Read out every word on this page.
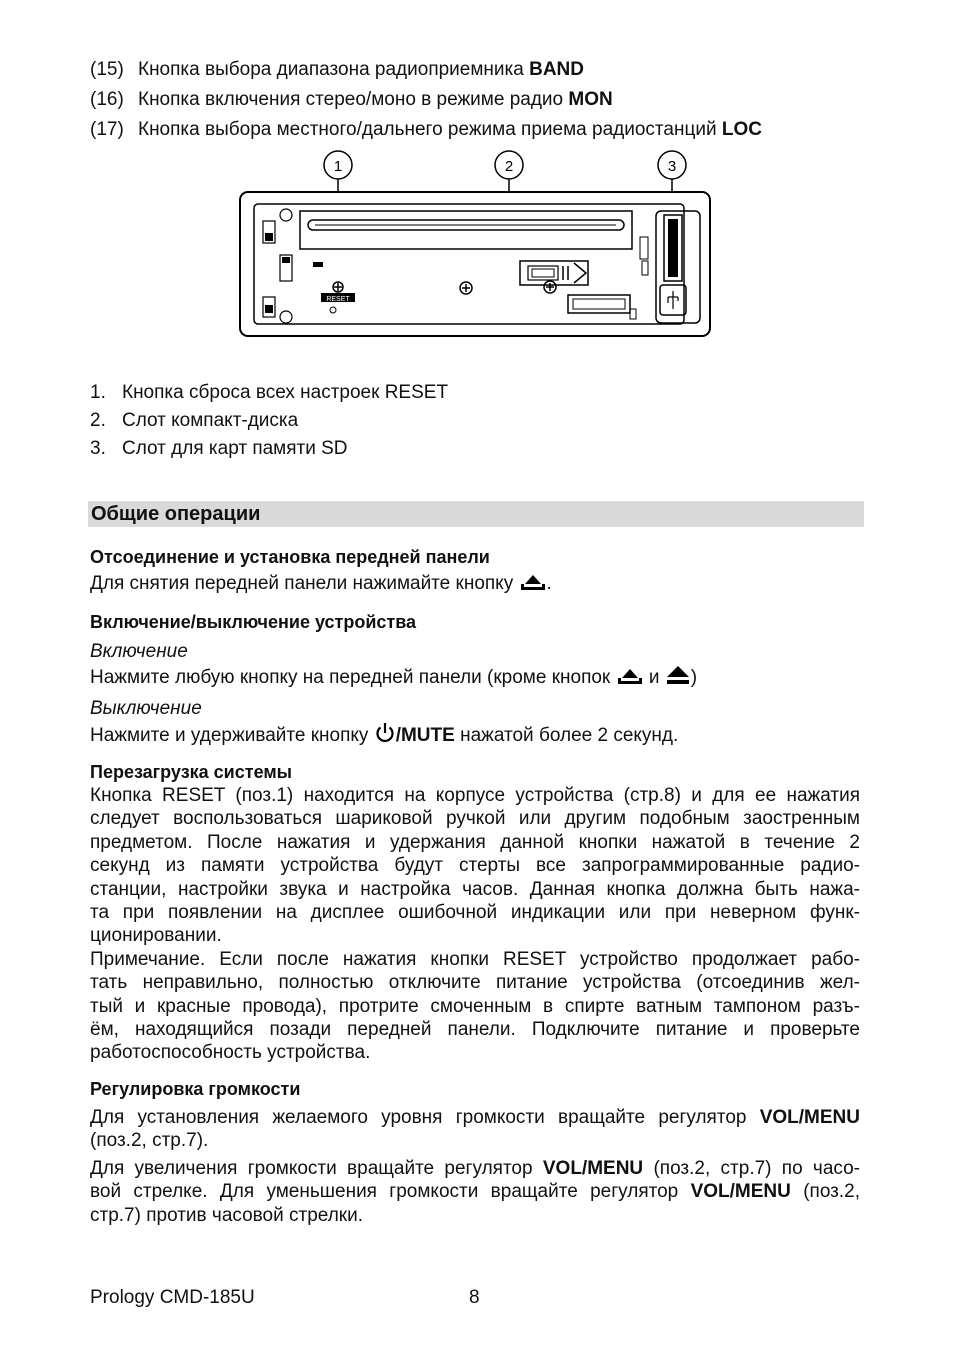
(15) Кнопка выбора диапазона радиоприемника BAND
(16) Кнопка включения стерео/моно в режиме радио MON
(17) Кнопка выбора местного/дальнего режима приема радиостанций LOC
1	2	3
RESET
1. Кнопка сброса всех настроек RESET
2. Слот компакт-диска
3. Слот для карт памяти SD
Общие операции
Отсоединение и установка передней панели
Для снятия передней панели нажимайте кнопку .
Включение/выключение устройства
Включение
Нажмите любую кнопку на передней панели (кроме кнопок и )
Выключение
Нажмите и удерживайте кнопку /MUTE нажатой более 2 секунд.
Перезагрузка системы
Кнопка RESET (поз.1) находится на корпусе устройства (стр.8) и для ее нажатия
следует воспользоваться шариковой ручкой или другим подобным заостренным
предметом. После нажатия и удержания данной кнопки нажатой в течение 2
секунд из памяти устройства будут стерты все запрограммированные радио-
станции, настройки звука и настройка часов. Данная кнопка должна быть нажа-
та при появлении на дисплее ошибочной индикации или при неверном функ-
ционировании.
Примечание. Если после нажатия кнопки RESET устройство продолжает рабо-
тать неправильно, полностью отключите питание устройства (отсоединив жел-
тый и красные провода), протрите смоченным в спирте ватным тампоном разъ-
ём, находящийся позади передней панели. Подключите питание и проверьте
работоспособность устройства.
Регулировка громкости
Для установления желаемого уровня громкости вращайте регулятор VOL/MENU
(поз.2, стр.7).
Для увеличения громкости вращайте регулятор VOL/MENU (поз.2, стр.7) по часо-
вой стрелке. Для уменьшения громкости вращайте регулятор VOL/MENU (поз.2,
стр.7) против часовой стрелки.
Prology CMD-185U	8
